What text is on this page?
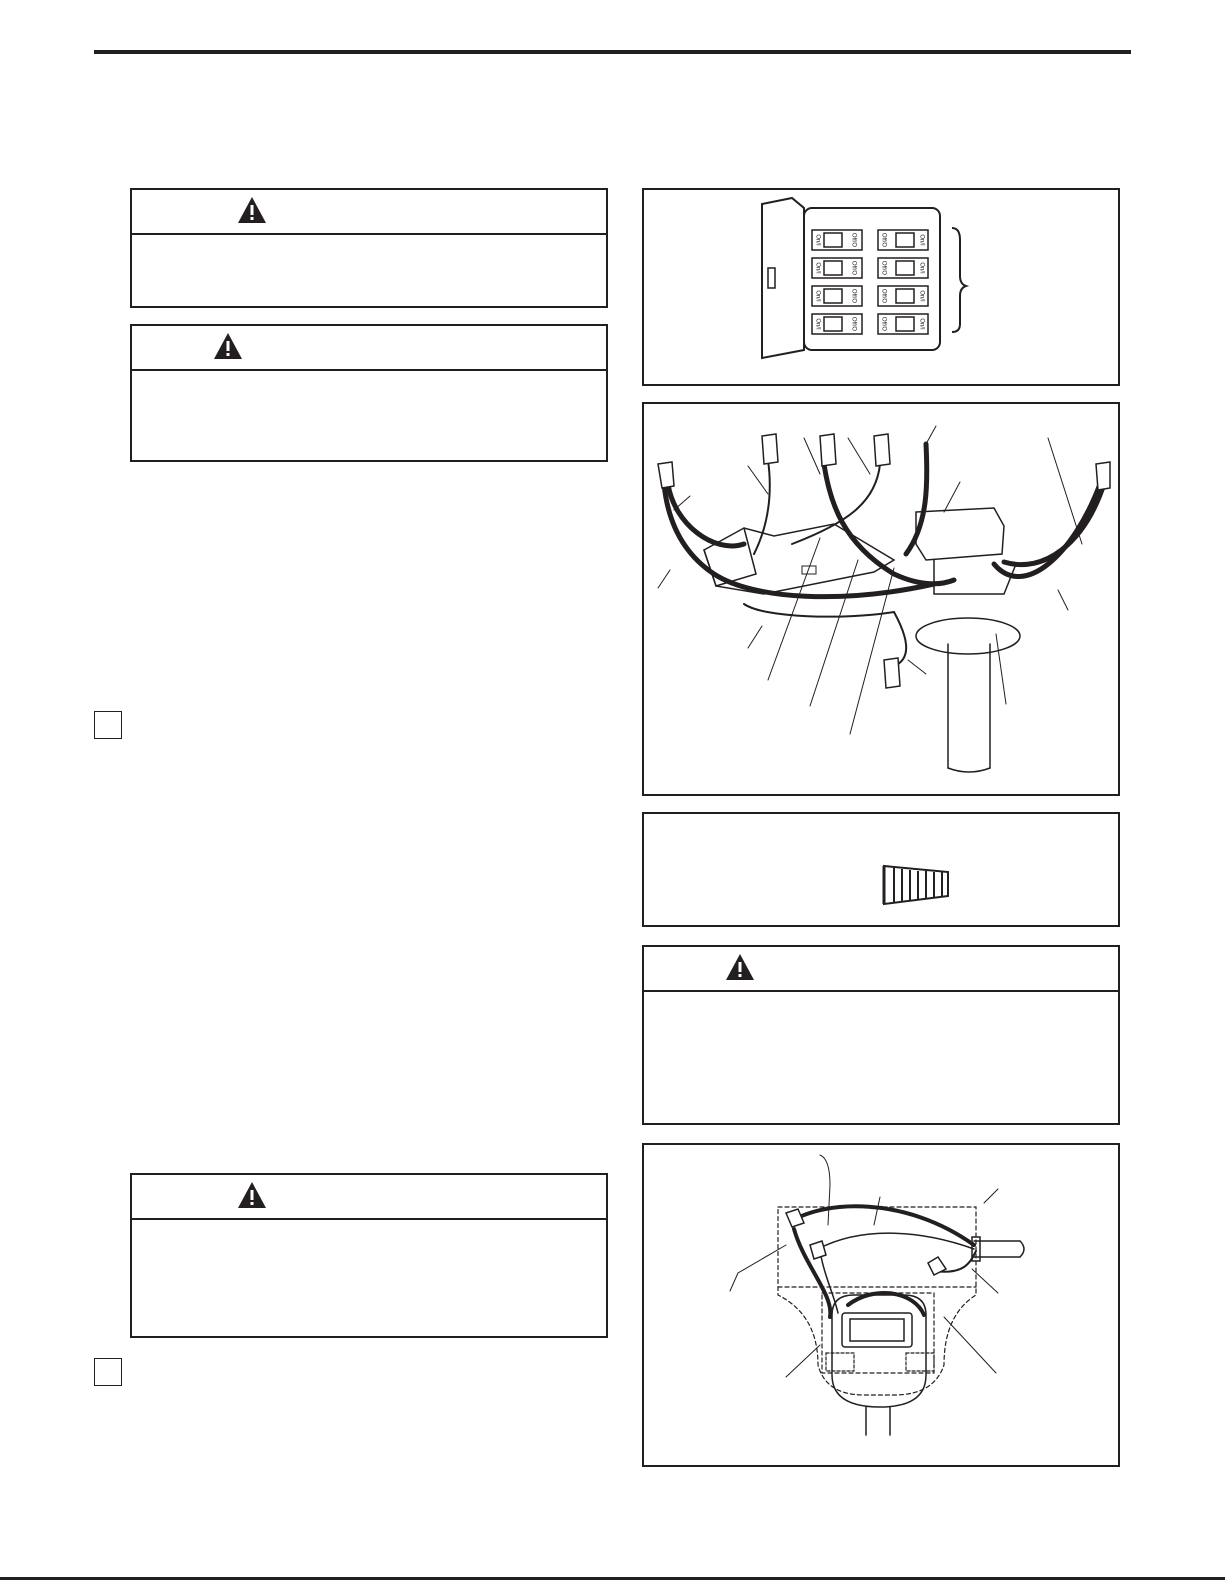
On/I	Off/O	Off/O	On/I
On/I	Off/O	Off/O	On/I
On/I	Off/O	Off/O	On/I
On/I	Off/O	Off/O	On/I
